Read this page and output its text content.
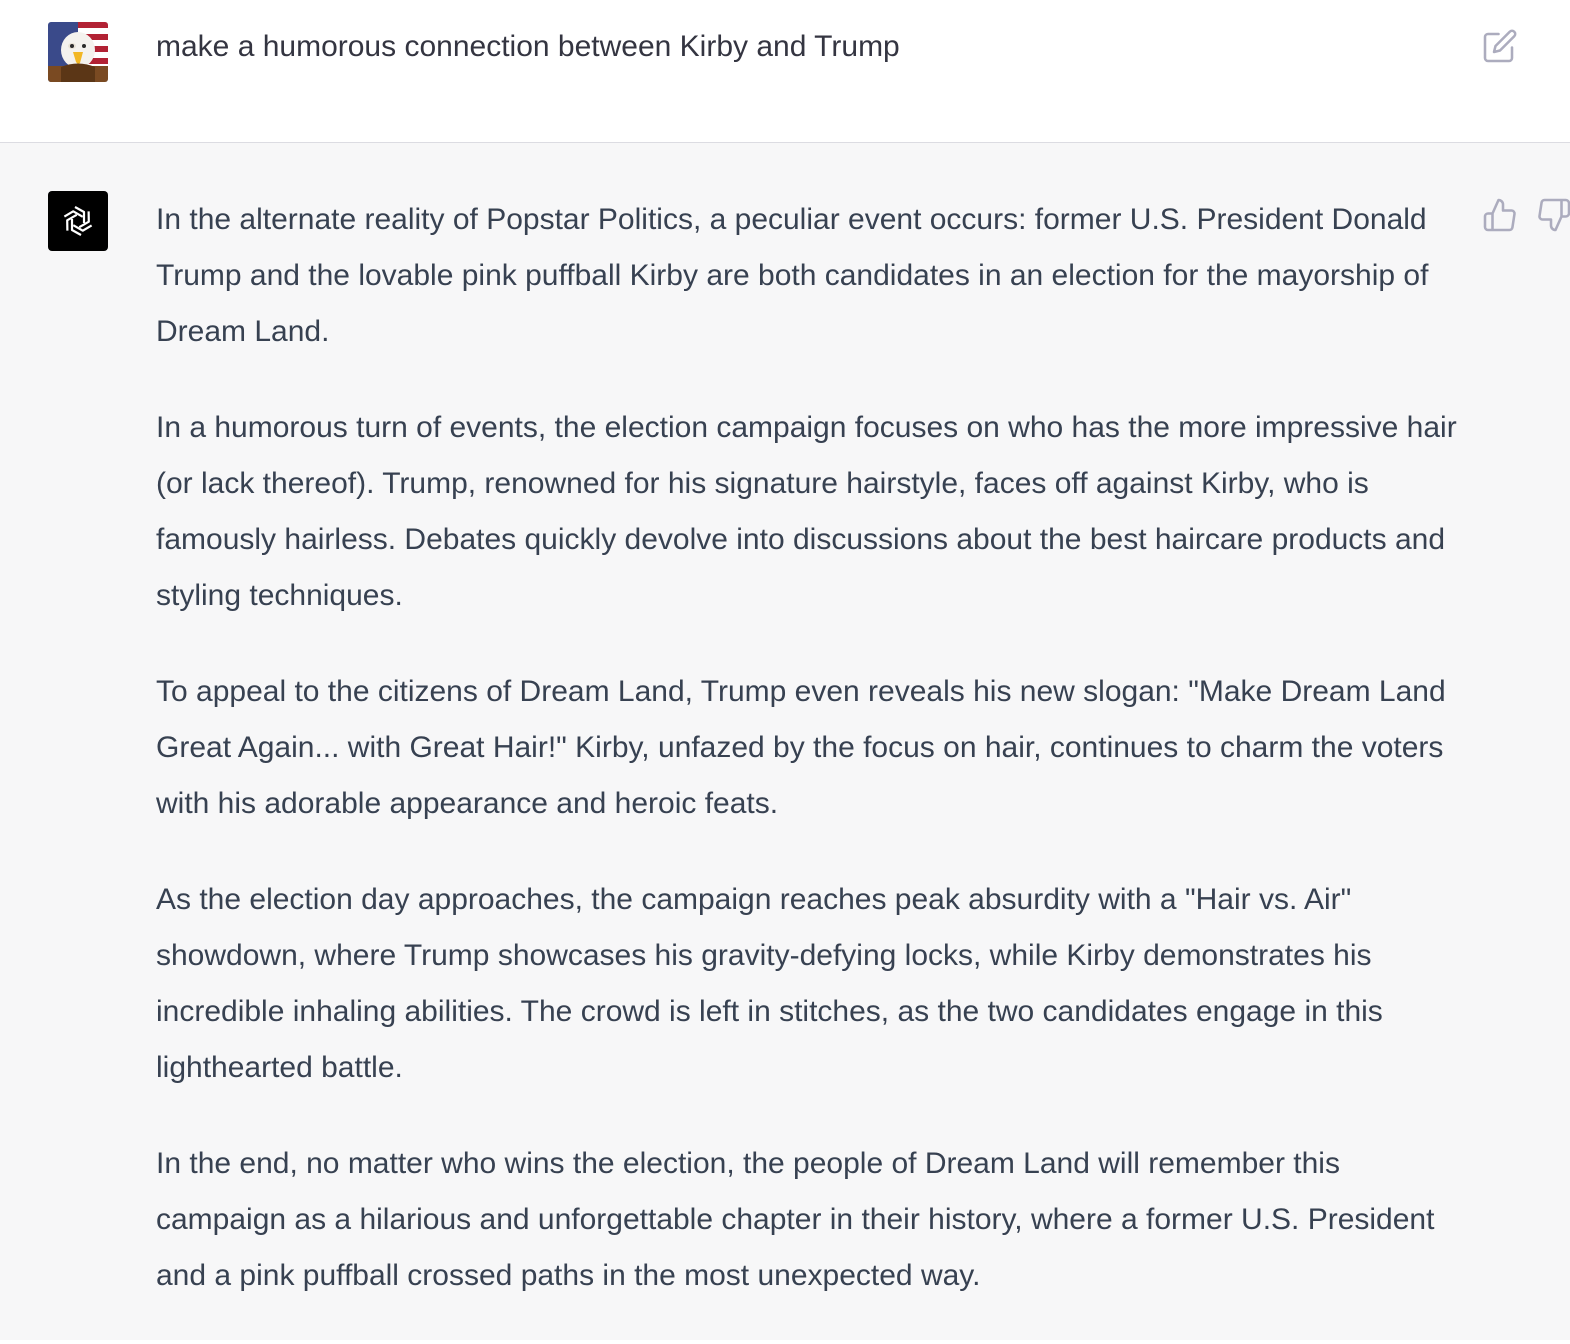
make a humorous connection between Kirby and Trump

In the alternate reality of Popstar Politics, a peculiar event occurs: former U.S. President Donald Trump and the lovable pink puffball Kirby are both candidates in an election for the mayorship of Dream Land.

In a humorous turn of events, the election campaign focuses on who has the more impressive hair (or lack thereof). Trump, renowned for his signature hairstyle, faces off against Kirby, who is famously hairless. Debates quickly devolve into discussions about the best haircare products and styling techniques.

To appeal to the citizens of Dream Land, Trump even reveals his new slogan: "Make Dream Land Great Again... with Great Hair!" Kirby, unfazed by the focus on hair, continues to charm the voters with his adorable appearance and heroic feats.

As the election day approaches, the campaign reaches peak absurdity with a "Hair vs. Air" showdown, where Trump showcases his gravity-defying locks, while Kirby demonstrates his incredible inhaling abilities. The crowd is left in stitches, as the two candidates engage in this lighthearted battle.

In the end, no matter who wins the election, the people of Dream Land will remember this campaign as a hilarious and unforgettable chapter in their history, where a former U.S. President and a pink puffball crossed paths in the most unexpected way.
